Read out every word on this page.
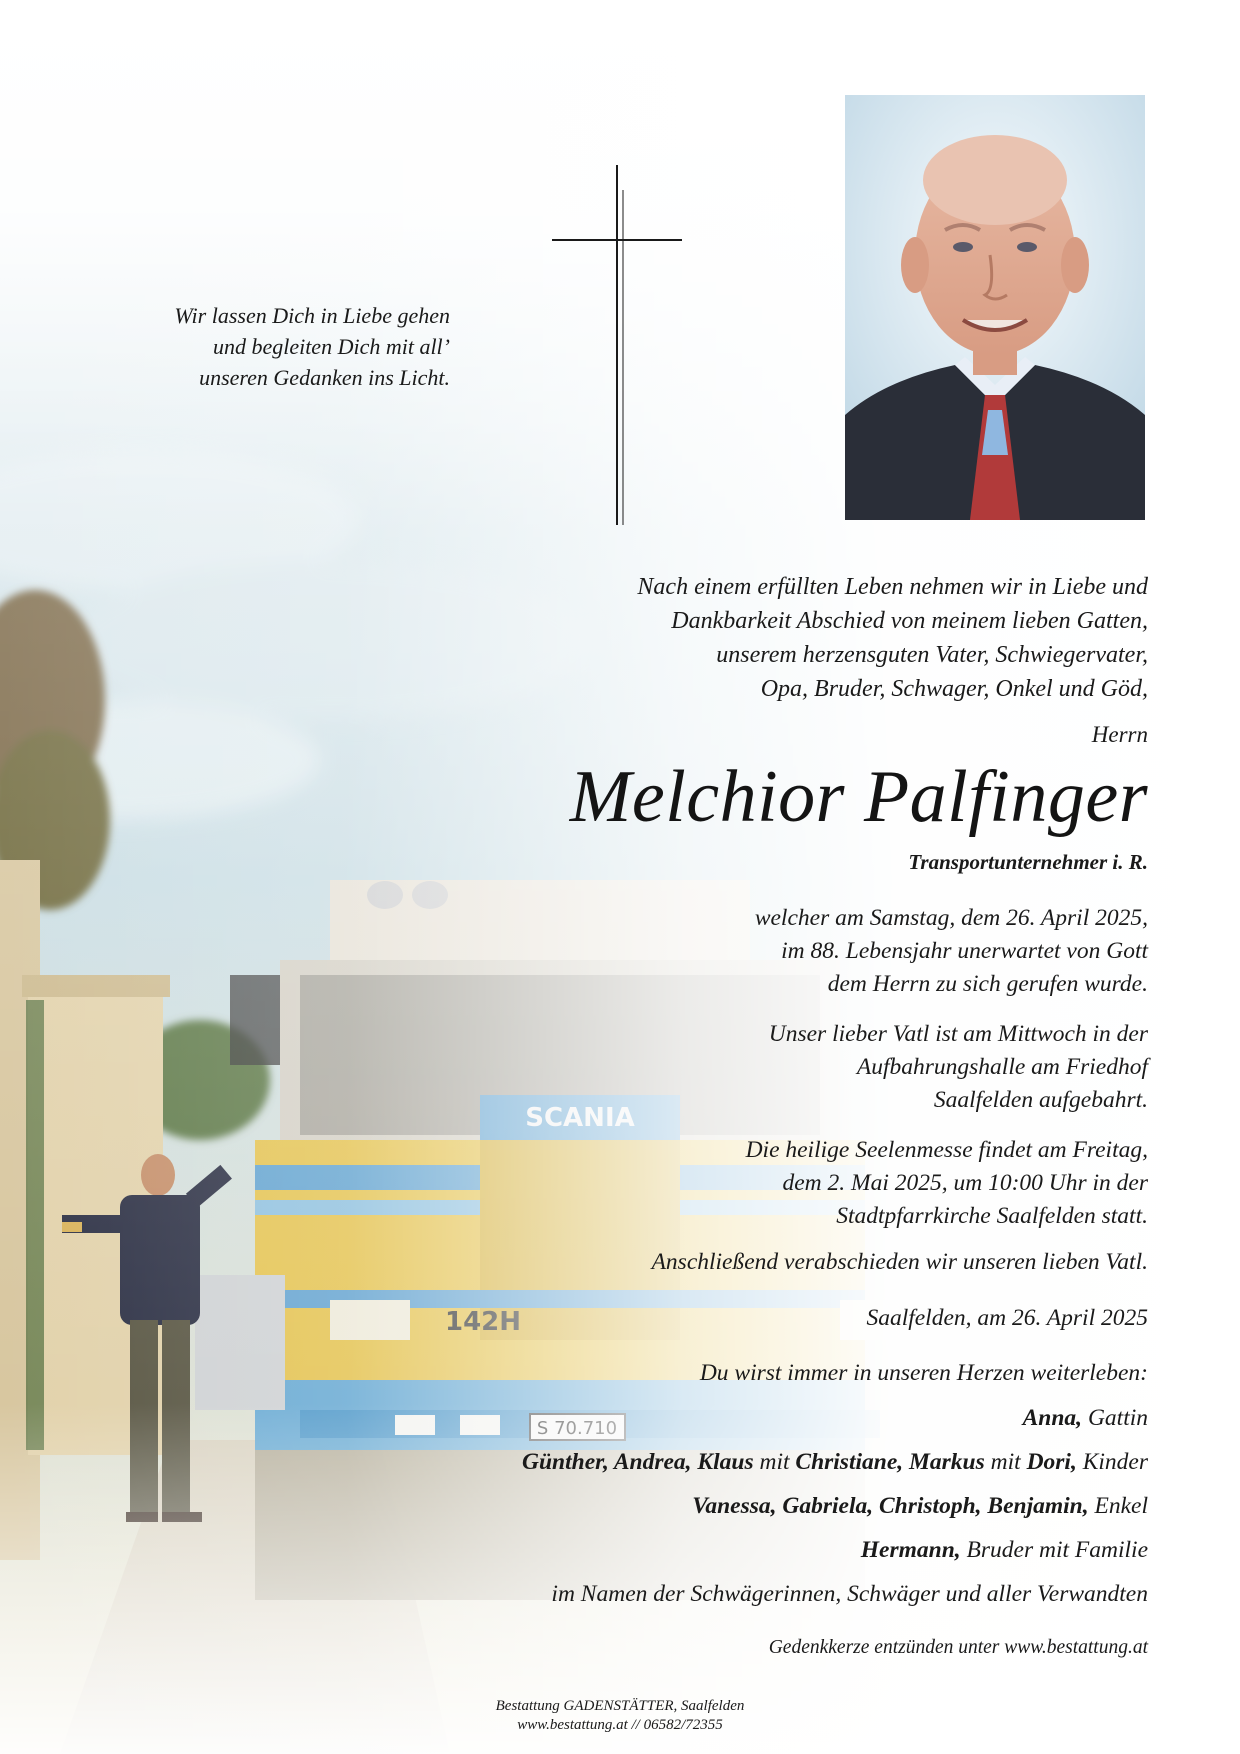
Wir lassen Dich in Liebe gehen
und begleiten Dich mit all’
unseren Gedanken ins Licht.
Nach einem erfüllten Leben nehmen wir in Liebe und
Dankbarkeit Abschied von meinem lieben Gatten,
unserem herzensguten Vater, Schwiegervater,
Opa, Bruder, Schwager, Onkel und Göd,
Herrn
Melchior Palfinger
Transportunternehmer i. R.
welcher am Samstag, dem 26. April 2025,
im 88. Lebensjahr unerwartet von Gott
dem Herrn zu sich gerufen wurde.
Unser lieber Vatl ist am Mittwoch in der
Aufbahrungshalle am Friedhof
Saalfelden aufgebahrt.
Die heilige Seelenmesse findet am Freitag,
dem 2. Mai 2025, um 10:00 Uhr in der
Stadtpfarrkirche Saalfelden statt.
Anschließend verabschieden wir unseren lieben Vatl.
Saalfelden, am 26. April 2025
Du wirst immer in unseren Herzen weiterleben:
Anna, Gattin
Günther, Andrea, Klaus mit Christiane, Markus mit Dori, Kinder
Vanessa, Gabriela, Christoph, Benjamin, Enkel
Hermann, Bruder mit Familie
im Namen der Schwägerinnen, Schwäger und aller Verwandten
Gedenkkerze entzünden unter www.bestattung.at
Bestattung GADENSTÄTTER, Saalfelden
www.bestattung.at // 06582/72355
